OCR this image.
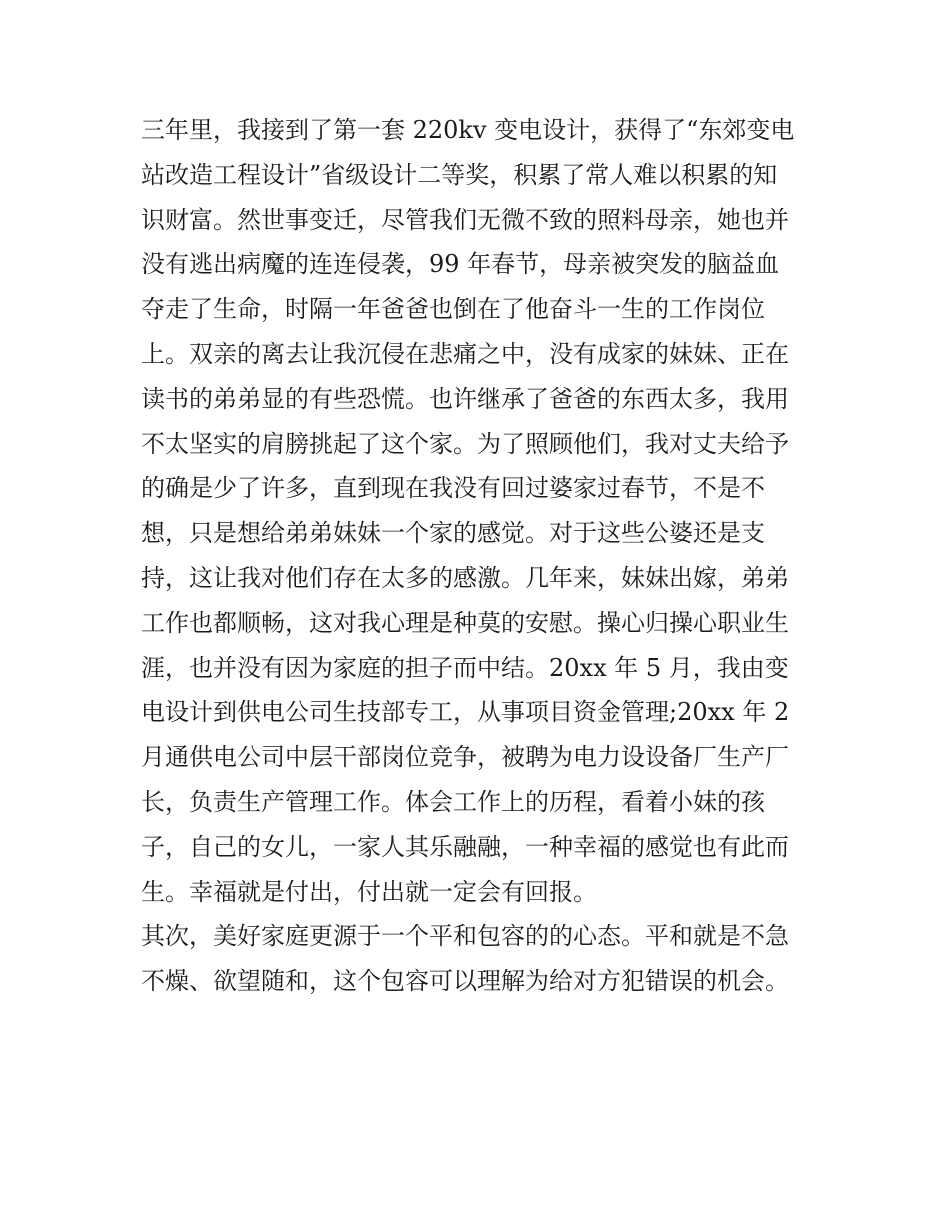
三年里，我接到了第一套 220kv 变电设计，获得了“东郊变电
站改造工程设计”省级设计二等奖，积累了常人难以积累的知
识财富。然世事变迁，尽管我们无微不致的照料母亲，她也并
没有逃出病魔的连连侵袭，99 年春节，母亲被突发的脑益血
夺走了生命，时隔一年爸爸也倒在了他奋斗一生的工作岗位
上。双亲的离去让我沉侵在悲痛之中，没有成家的妹妹、正在
读书的弟弟显的有些恐慌。也许继承了爸爸的东西太多，我用
不太坚实的肩膀挑起了这个家。为了照顾他们，我对丈夫给予
的确是少了许多，直到现在我没有回过婆家过春节，不是不
想，只是想给弟弟妹妹一个家的感觉。对于这些公婆还是支
持，这让我对他们存在太多的感激。几年来，妹妹出嫁，弟弟
工作也都顺畅，这对我心理是种莫的安慰。操心归操心职业生
涯，也并没有因为家庭的担子而中结。20xx 年 5 月，我由变
电设计到供电公司生技部专工，从事项目资金管理;20xx 年 2
月通供电公司中层干部岗位竞争，被聘为电力设设备厂生产厂
长，负责生产管理工作。体会工作上的历程，看着小妹的孩
子，自己的女儿，一家人其乐融融，一种幸福的感觉也有此而
生。幸福就是付出，付出就一定会有回报。
其次，美好家庭更源于一个平和包容的的心态。平和就是不急
不燥、欲望随和，这个包容可以理解为给对方犯错误的机会。
